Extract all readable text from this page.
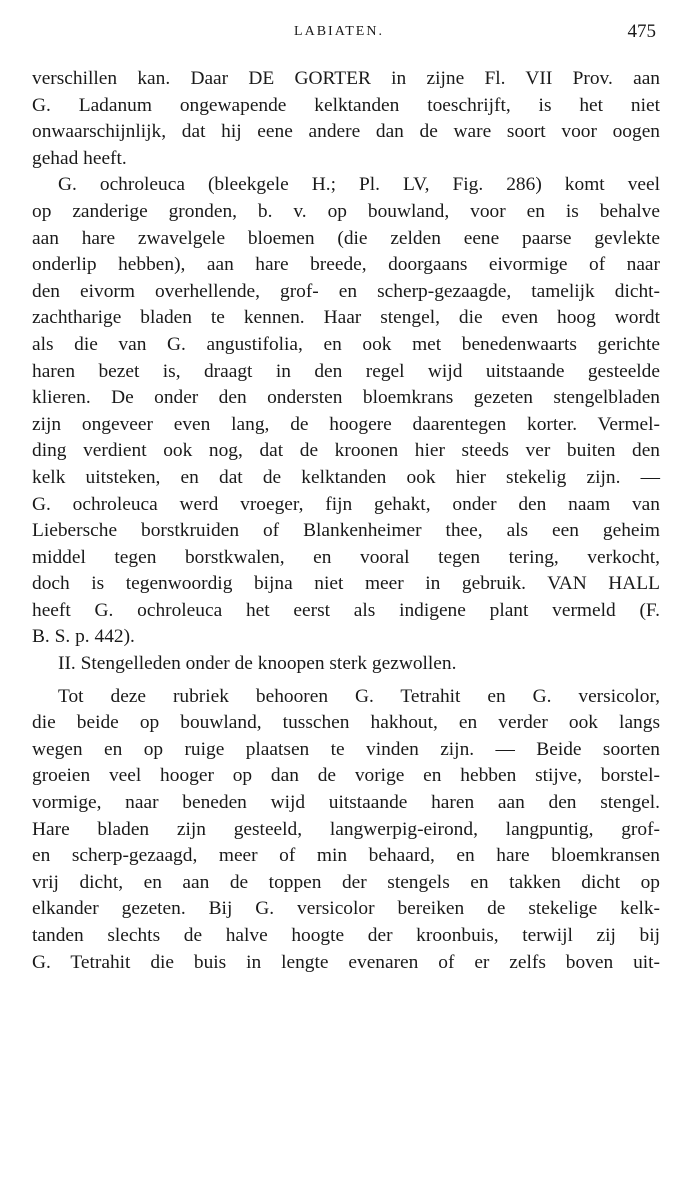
LABIATEN.	475
verschillen kan. Daar DE GORTER in zijne Fl. VII Prov. aan
G. Ladanum ongewapende kelktanden toeschrijft, is het niet
onwaarschijnlijk, dat hij eene andere dan de ware soort voor oogen
gehad heeft.
G. ochroleuca (bleekgele H.; Pl. LV, Fig. 286) komt veel
op zanderige gronden, b. v. op bouwland, voor en is behalve
aan hare zwavelgele bloemen (die zelden eene paarse gevlekte
onderlip hebben), aan hare breede, doorgaans eivormige of naar
den eivorm overhellende, grof- en scherp-gezaagde, tamelijk dicht-
zachtharige bladen te kennen. Haar stengel, die even hoog wordt
als die van G. angustifolia, en ook met benedenwaarts gerichte
haren bezet is, draagt in den regel wijd uitstaande gesteelde
klieren. De onder den ondersten bloemkrans gezeten stengelbladen
zijn ongeveer even lang, de hoogere daarentegen korter. Vermel-
ding verdient ook nog, dat de kroonen hier steeds ver buiten den
kelk uitsteken, en dat de kelktanden ook hier stekelig zijn. —
G. ochroleuca werd vroeger, fijn gehakt, onder den naam van
Liebersche borstkruiden of Blankenheimer thee, als een geheim
middel tegen borstkwalen, en vooral tegen tering, verkocht,
doch is tegenwoordig bijna niet meer in gebruik. VAN HALL
heeft G. ochroleuca het eerst als indigene plant vermeld (F.
B. S. p. 442).
II. Stengelleden onder de knoopen sterk gezwollen.
Tot deze rubriek behooren G. Tetrahit en G. versicolor,
die beide op bouwland, tusschen hakhout, en verder ook langs
wegen en op ruige plaatsen te vinden zijn. — Beide soorten
groeien veel hooger op dan de vorige en hebben stijve, borstel-
vormige, naar beneden wijd uitstaande haren aan den stengel.
Hare bladen zijn gesteeld, langwerpig-eirond, langpuntig, grof-
en scherp-gezaagd, meer of min behaard, en hare bloemkransen
vrij dicht, en aan de toppen der stengels en takken dicht op
elkander gezeten. Bij G. versicolor bereiken de stekelige kelk-
tanden slechts de halve hoogte der kroonbuis, terwijl zij bij
G. Tetrahit die buis in lengte evenaren of er zelfs boven uit-
